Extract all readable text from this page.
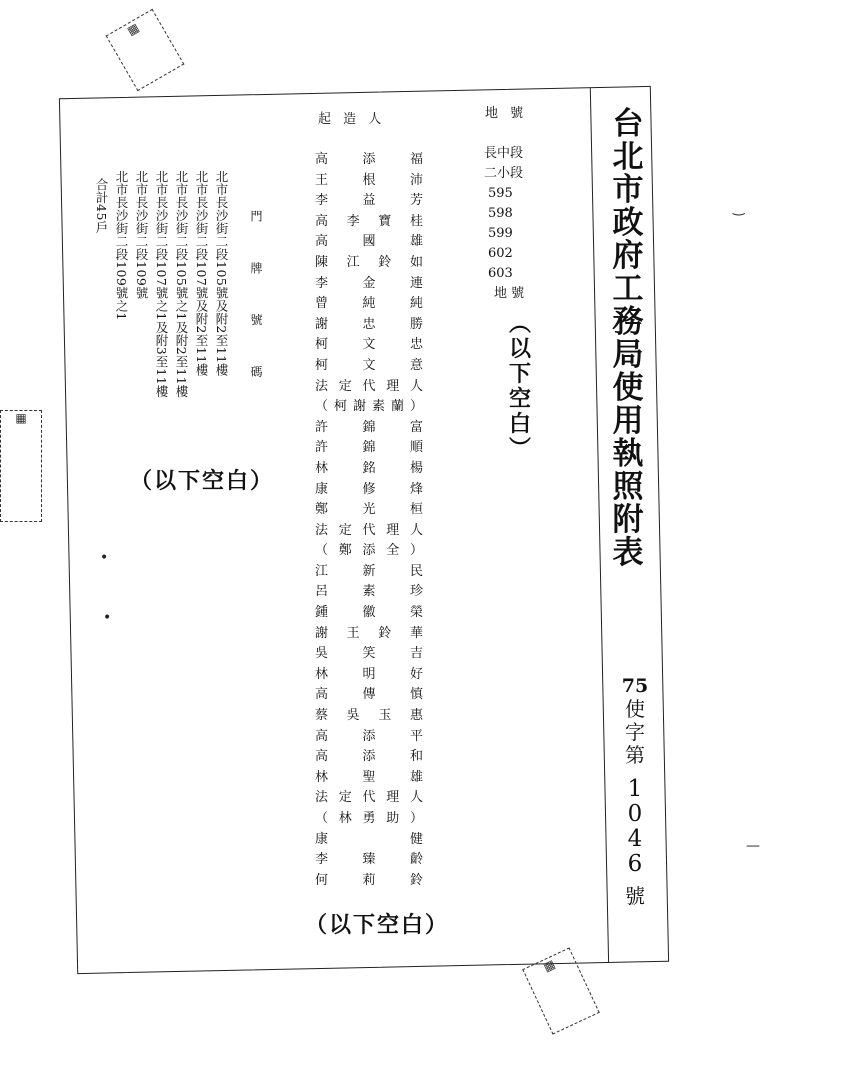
台
北
市
政
府
工
務
局
使
用
執
照
附
表
75
使
字
第
1
0
4
6
號
起 造 人	地 號
高 添 福
王 根 沛
李 益 芳
高 李 寶 桂
高 國 雄
陳 江 鈴 如
李 金 連
曾 純 純
謝 忠 勝
柯 文 忠
柯 文 意
法定代理人
（柯謝素蘭）
許 錦 富
許 錦 順
林 銘 楊
康 修 烽
鄭 光 桓
法定代理人
（鄭添全）
江 新 民
呂 素 珍
鍾 徽 榮
謝王鈴華
吳 笑 吉
林 明 好
高 傳 慎
蔡吳玉惠
高 添 平
高 添 和
林 聖 雄
法定代理人
（林勇助）
康 健
李 臻 齡
何 莉 鈴
長中段
二小段
595
598
599
602
603
地 號
︵
以
下
空
白
︶
門 牌 號 碼
北市長沙街二段105號及附2至11樓
北市長沙街二段107號及附2至11樓
北市長沙街二段105號之1及附2至11樓
北市長沙街二段107號之1及附3至11樓
北市長沙街二段109號
北市長沙街二段109號之1
合計45戶
（以下空白）
（以下空白）
▦
▦
▦
•
•
‿
—
